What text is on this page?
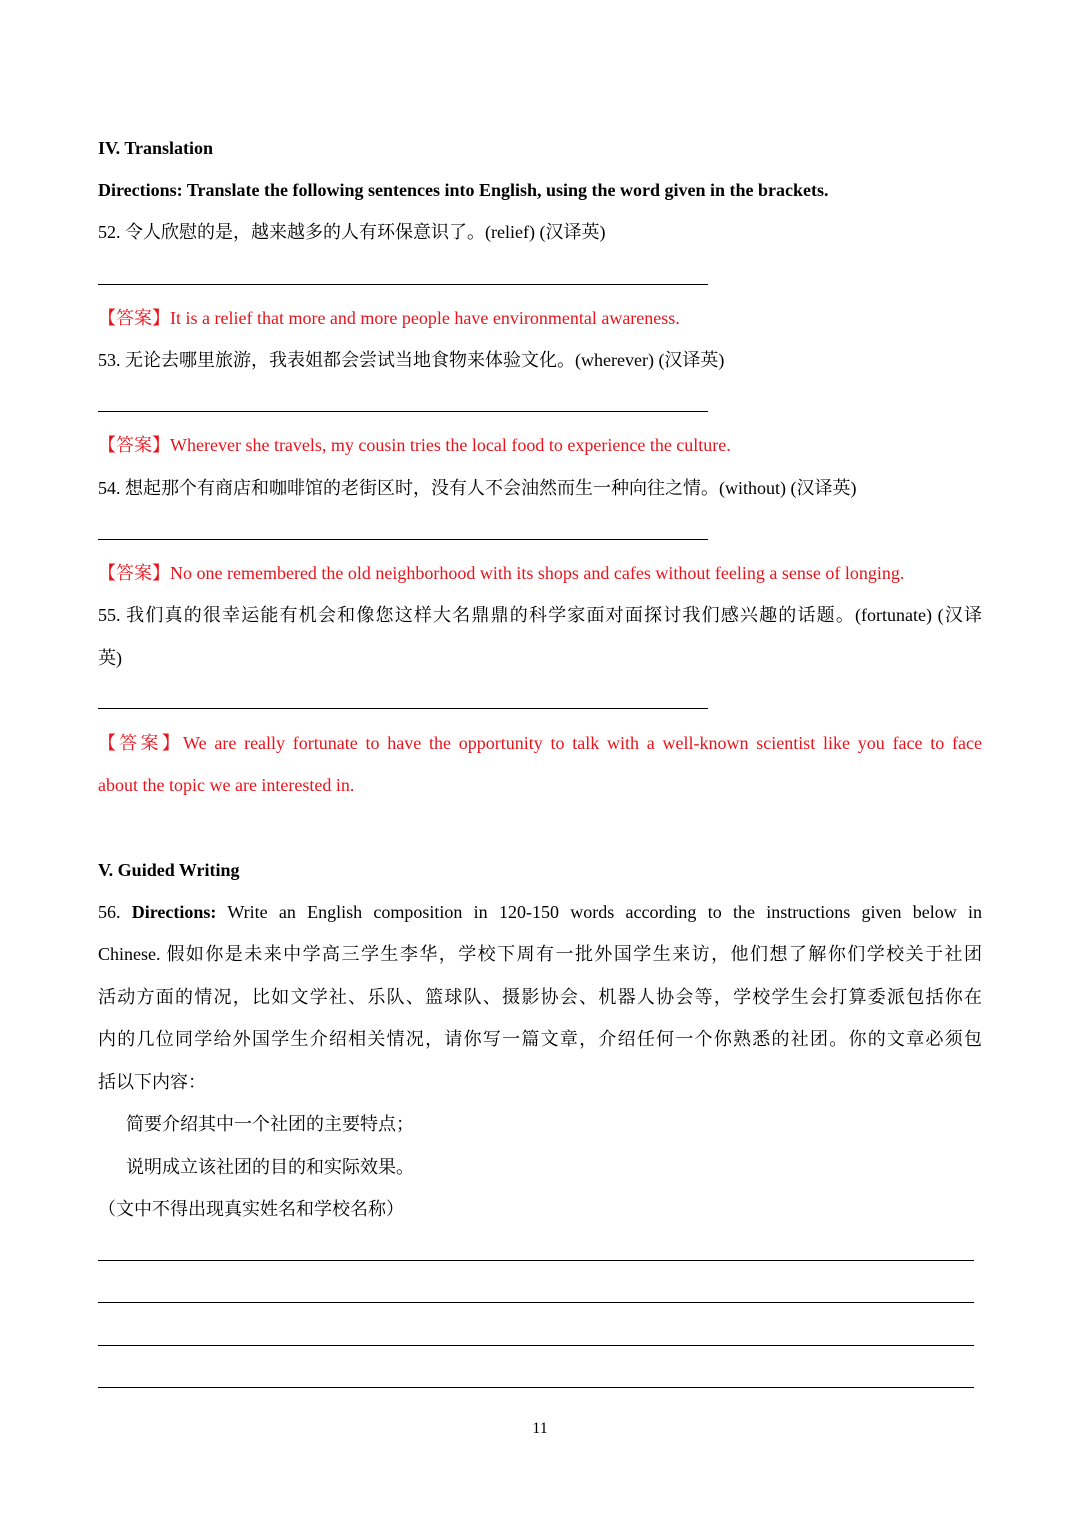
IV. Translation
Directions: Translate the following sentences into English, using the word given in the brackets.
52. 令人欣慰的是，越来越多的人有环保意识了。(relief) (汉译英)
【答案】It is a relief that more and more people have environmental awareness.
53. 无论去哪里旅游，我表姐都会尝试当地食物来体验文化。(wherever) (汉译英)
【答案】Wherever she travels, my cousin tries the local food to experience the culture.
54. 想起那个有商店和咖啡馆的老街区时，没有人不会油然而生一种向往之情。(without) (汉译英)
【答案】No one remembered the old neighborhood with its shops and cafes without feeling a sense of longing.
55. 我们真的很幸运能有机会和像您这样大名鼎鼎的科学家面对面探讨我们感兴趣的话题。(fortunate) (汉译
英)
【答案】We are really fortunate to have the opportunity to talk with a well-known scientist like you face to face
about the topic we are interested in.
V. Guided Writing
56. Directions: Write an English composition in 120-150 words according to the instructions given below in
Chinese. 假如你是未来中学高三学生李华，学校下周有一批外国学生来访，他们想了解你们学校关于社团
活动方面的情况，比如文学社、乐队、篮球队、摄影协会、机器人协会等，学校学生会打算委派包括你在
内的几位同学给外国学生介绍相关情况，请你写一篇文章，介绍任何一个你熟悉的社团。你的文章必须包
括以下内容：
简要介绍其中一个社团的主要特点；
说明成立该社团的目的和实际效果。
（文中不得出现真实姓名和学校名称）
11
